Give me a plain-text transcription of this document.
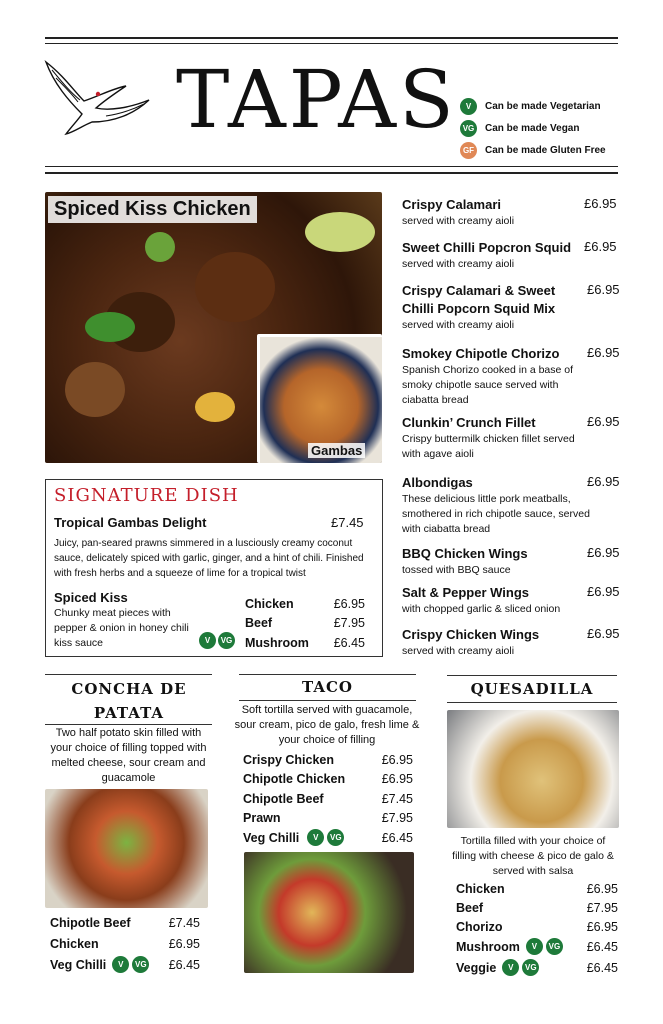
TAPAS	V	Can be made Vegetarian
VG Can be made Vegan
GF Can be made Gluten Free
Spiced Kiss Chicken
Gambas
SIGNATURE DISH
Tropical Gambas Delight	£7.45
Juicy, pan-seared prawns simmered in a lusciously creamy coconut sauce, delicately spiced with garlic, ginger, and a hint of chili. Finished with fresh herbs and a squeeze of lime for a tropical twist
Spiced Kiss
Chunky meat pieces with pepper & onion in honey chili kiss sauce	V	VG
Chicken	£6.95
Beef	£7.95
Mushroom £6.45
Crispy Calamari	£6.95
served with creamy aioli
Sweet Chilli Popcron Squid £6.95
served with creamy aioli
Crispy Calamari & Sweet Chilli Popcorn Squid Mix
£6.95
served with creamy aioli
Smokey Chipotle Chorizo	£6.95
Spanish Chorizo cooked in a base of smoky chipotle sauce served with ciabatta bread
Clunkin’ Crunch Fillet	£6.95
Crispy buttermilk chicken fillet served with agave aioli
Albondigas	£6.95
These delicious little pork meatballs, smothered in rich chipotle sauce, served with ciabatta bread
BBQ Chicken Wings	£6.95
tossed with BBQ sauce
Salt & Pepper Wings	£6.95
with chopped garlic & sliced onion
Crispy Chicken Wings	£6.95
served with creamy aioli
CONCHA DE PATATA
Two half potato skin filled with your choice of filling topped with melted cheese, sour cream and guacamole
Chipotle Beef	£7.45
Chicken	£6.95
Veg Chilli	V	VG £6.45
TACO
Soft tortilla served with guacamole, sour cream, pico de galo, fresh lime & your choice of filling
Crispy Chicken	£6.95
Chipotle Chicken	£6.95
Chipotle Beef	£7.45
Prawn	£7.95
Veg Chilli	V	VG	£6.45
QUESADILLA
Tortilla filled with your choice of filling with cheese & pico de galo & served with salsa
Chicken	£6.95
Beef	£7.95
Chorizo	£6.95
Mushroom	V	VG £6.45
Veggie	V	VG	£6.45
